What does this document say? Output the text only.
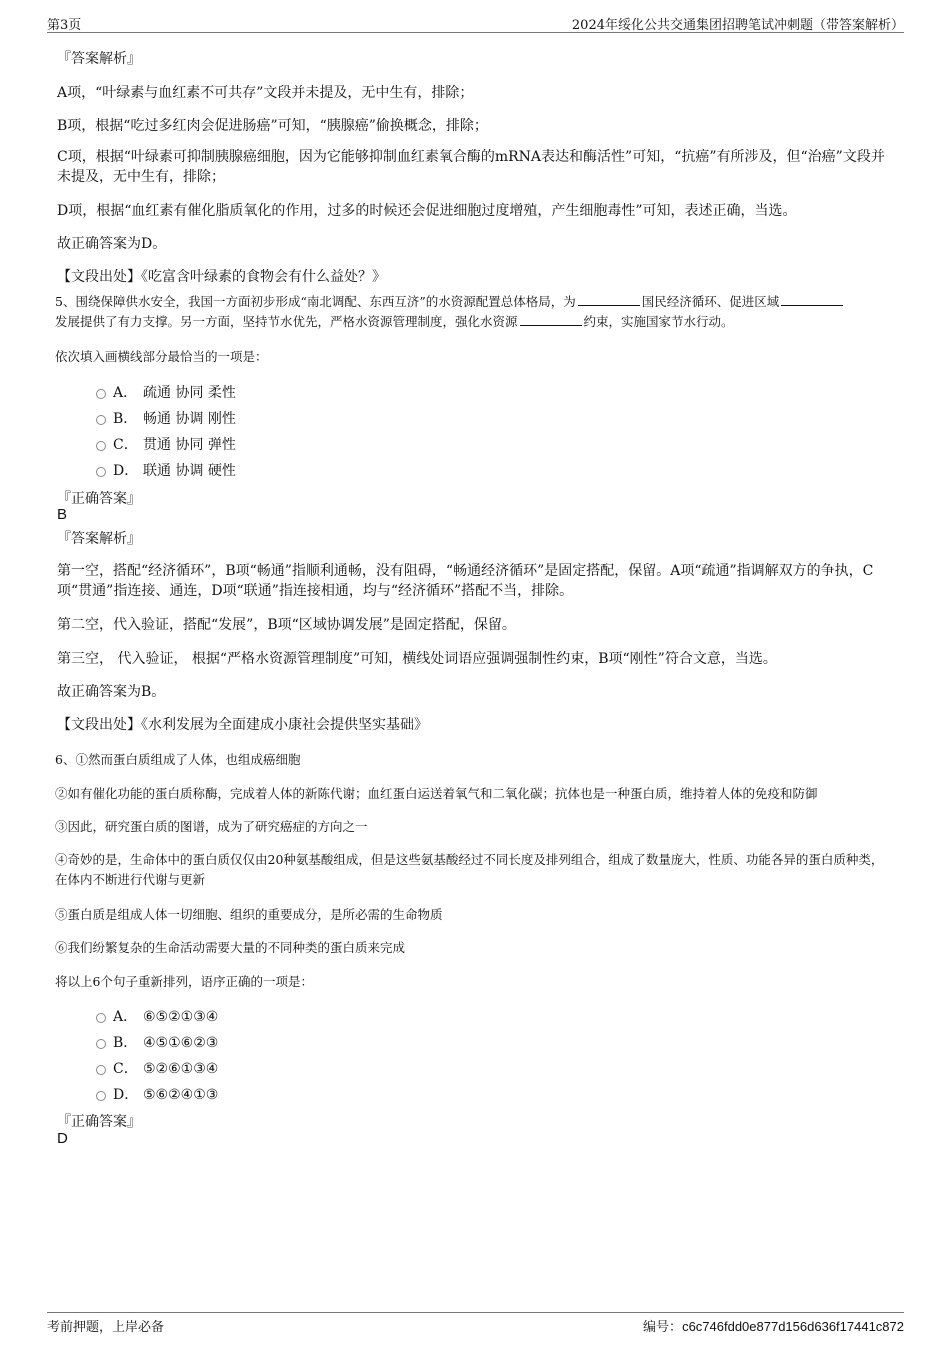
第3页	2024年绥化公共交通集团招聘笔试冲刺题（带答案解析）
『答案解析』
A项，“叶绿素与血红素不可共存”文段并未提及，无中生有，排除；
B项，根据“吃过多红肉会促进肠癌”可知，“胰腺癌”偷换概念，排除；
C项，根据“叶绿素可抑制胰腺癌细胞，因为它能够抑制血红素氧合酶的mRNA表达和酶活性”可知，“抗癌”有所涉及，但“治癌”文段并未提及，无中生有，排除；
D项，根据“血红素有催化脂质氧化的作用，过多的时候还会促进细胞过度增殖，产生细胞毒性”可知，表述正确，当选。
故正确答案为D。
【文段出处】《吃富含叶绿素的食物会有什么益处？》
5、围绕保障供水安全，我国一方面初步形成“南北调配、东西互济”的水资源配置总体格局，为	国民经济循环、促进区域
发展提供了有力支撑。另一方面，坚持节水优先，严格水资源管理制度，强化水资源	约束，实施国家节水行动。
依次填入画横线部分最恰当的一项是：
A． 疏通 协同 柔性
B． 畅通 协调 刚性
C． 贯通 协同 弹性
D． 联通 协调 硬性
『正确答案』
B
『答案解析』
第一空，搭配“经济循环”，B项“畅通”指顺利通畅，没有阻碍，“畅通经济循环”是固定搭配，保留。A项“疏通”指调解双方的争执，C项“贯通”指连接、通连，D项“联通”指连接相通，均与“经济循环”搭配不当，排除。
第二空，代入验证，搭配“发展”，B项“区域协调发展”是固定搭配，保留。
第三空， 代入验证， 根据“严格水资源管理制度”可知，横线处词语应强调强制性约束，B项“刚性”符合文意，当选。
故正确答案为B。
【文段出处】《水利发展为全面建成小康社会提供坚实基础》
6、①然而蛋白质组成了人体，也组成癌细胞
②如有催化功能的蛋白质称酶，完成着人体的新陈代谢；血红蛋白运送着氧气和二氧化碳；抗体也是一种蛋白质，维持着人体的免疫和防御
③因此，研究蛋白质的图谱，成为了研究癌症的方向之一
④奇妙的是，生命体中的蛋白质仅仅由20种氨基酸组成，但是这些氨基酸经过不同长度及排列组合，组成了数量庞大，性质、功能各异的蛋白质种类，在体内不断进行代谢与更新
⑤蛋白质是组成人体一切细胞、组织的重要成分，是所必需的生命物质
⑥我们纷繁复杂的生命活动需要大量的不同种类的蛋白质来完成
将以上6个句子重新排列，语序正确的一项是：
A． ⑥⑤②①③④
B． ④⑤①⑥②③
C． ⑤②⑥①③④
D． ⑤⑥②④①③
『正确答案』
D
考前押题，上岸必备	编号：c6c746fdd0e877d156d636f17441c872
